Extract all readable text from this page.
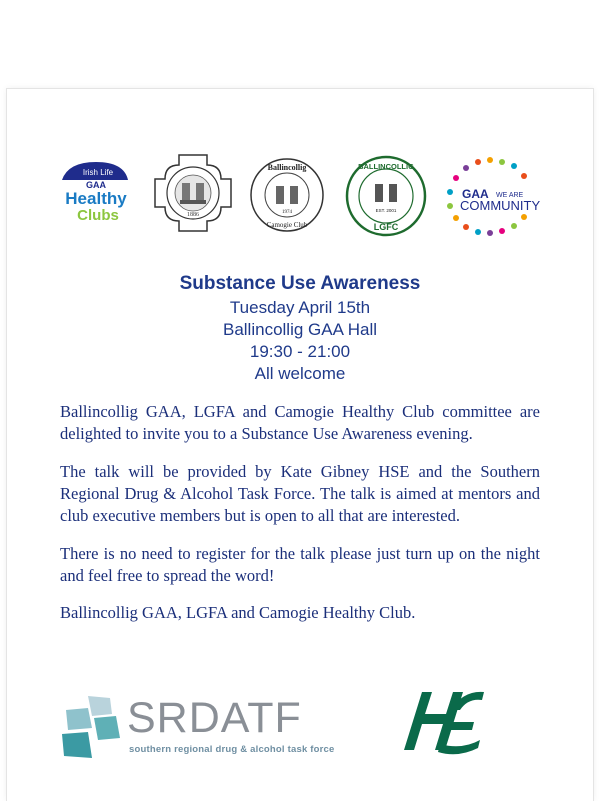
Irish Life
GAA
Healthy
Clubs	1886
Ballincollig
1974
Camogie Club
BALLINCOLLIG
EST. 2001
LGFC
GAA WE ARE
COMMUNITY
Substance Use Awareness
Tuesday April 15th
Ballincollig GAA Hall
19:30 - 21:00
All welcome

Ballincollig GAA, LGFA and Camogie Healthy Club committee are delighted to invite you to a Substance Use Awareness evening.

The talk will be provided by Kate Gibney HSE and the Southern Regional Drug & Alcohol Task Force. The talk is aimed at mentors and club executive members but is open to all that are interested.

There is no need to register for the talk please just turn up on the night and feel free to spread the word!

Ballincollig GAA, LGFA and Camogie Healthy Club.

SRDATF
southern regional drug & alcohol task force
HSE
